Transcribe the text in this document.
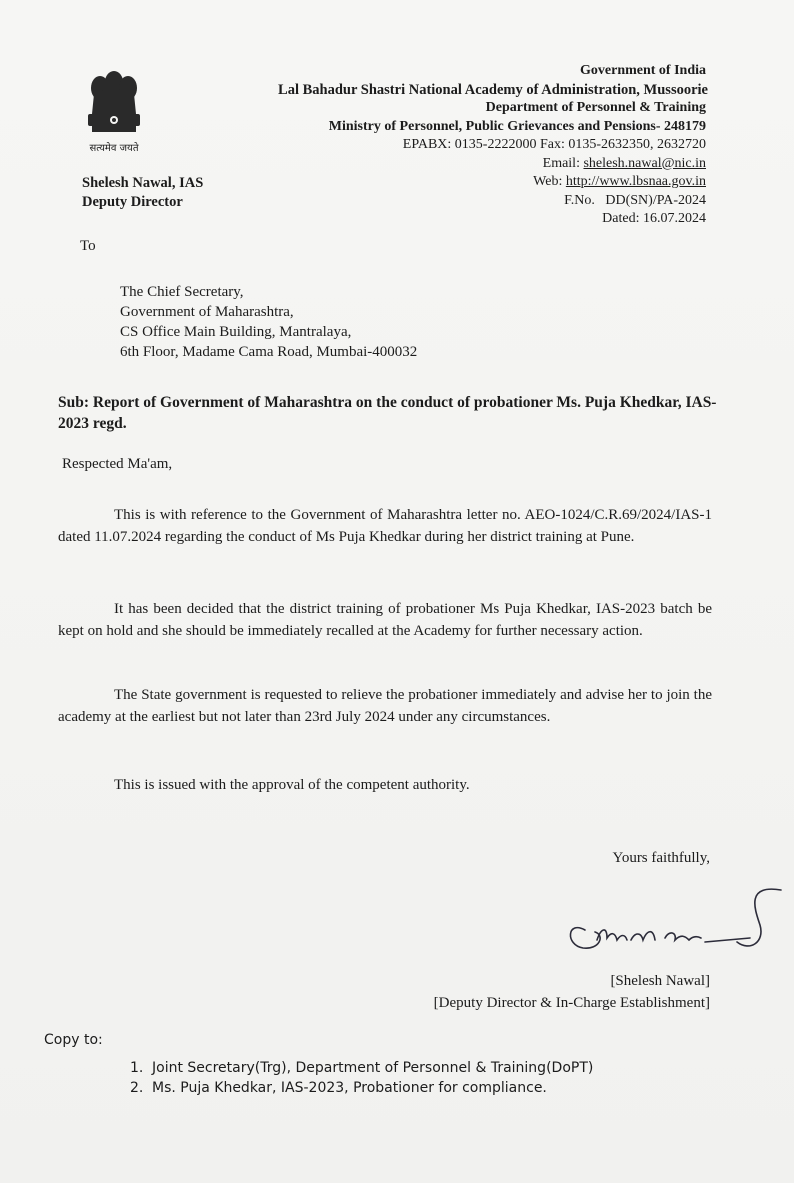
सत्यमेव जयते
Shelesh Nawal, IAS
Deputy Director
Government of India
Lal Bahadur Shastri National Academy of Administration, Mussoorie
Department of Personnel & Training
Ministry of Personnel, Public Grievances and Pensions- 248179
EPABX: 0135-2222000 Fax: 0135-2632350, 2632720
Email: shelesh.nawal@nic.in
Web: http://www.lbsnaa.gov.in
F.No.   DD(SN)/PA-2024
Dated: 16.07.2024
To
The Chief Secretary,
Government of Maharashtra,
CS Office Main Building, Mantralaya,
6th Floor, Madame Cama Road, Mumbai-400032
Sub: Report of Government of Maharashtra on the conduct of probationer Ms. Puja Khedkar, IAS-2023 regd.
Respected Ma'am,
This is with reference to the Government of Maharashtra letter no. AEO-1024/C.R.69/2024/IAS-1 dated 11.07.2024 regarding the conduct of Ms Puja Khedkar during her district training at Pune.
It has been decided that the district training of probationer Ms Puja Khedkar, IAS-2023 batch be kept on hold and she should be immediately recalled at the Academy for further necessary action.
The State government is requested to relieve the probationer immediately and advise her to join the academy at the earliest but not later than 23rd July 2024 under any circumstances.
This is issued with the approval of the competent authority.
Yours faithfully,
[Shelesh Nawal]
[Deputy Director & In-Charge Establishment]
Copy to:
1. Joint Secretary(Trg), Department of Personnel & Training(DoPT)
2. Ms. Puja Khedkar, IAS-2023, Probationer for compliance.
